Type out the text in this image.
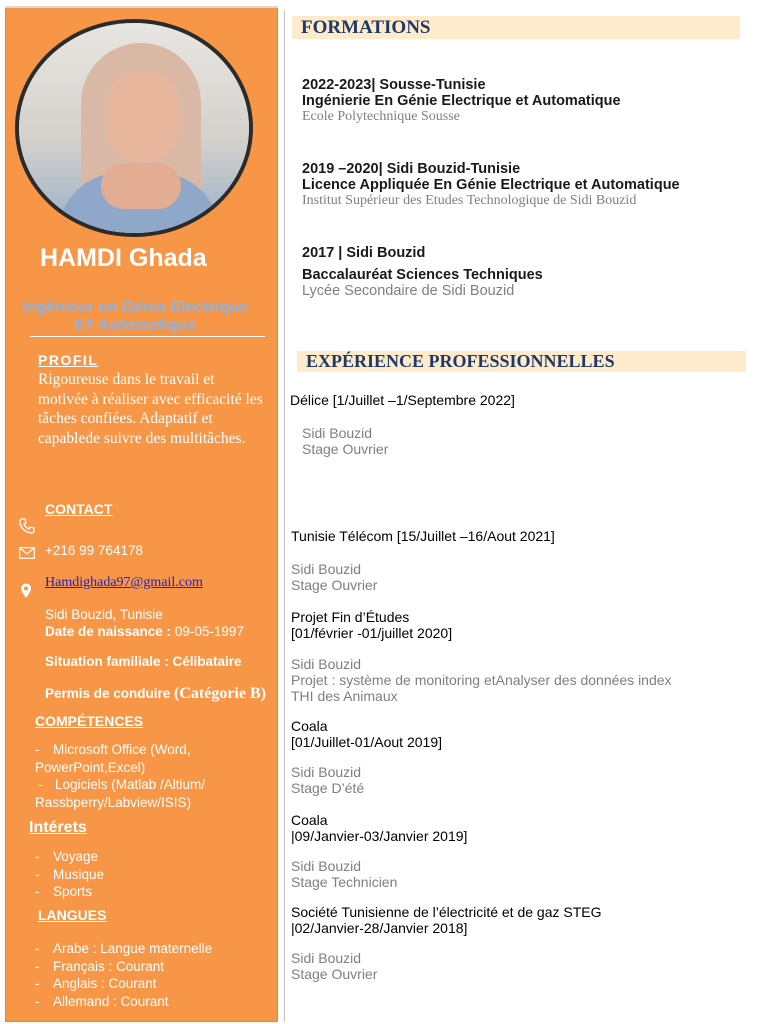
HAMDI Ghada
Ingénieur en Génie Electrique ET Automatique
PROFIL
Rigoureuse dans le travail et motivée à réaliser avec efficacité les tâches confiées. Adaptatif et capablede suivre des multitâches.
CONTACT
+216 99 764178
Hamdighada97@gmail.com
Sidi Bouzid, Tunisie
Date de naissance : 09-05-1997
Situation familiale : Célibataire
Permis de conduire (Catégorie B)
COMPÉTENCES
- Microsoft Office (Word, PowerPoint,Excel)
- Logiciels (Matlab /Altium/ Rassbperry/Labview/ISIS)
Intérets
- Voyage
- Musique
- Sports
LANGUES
- Arabe : Langue maternelle
- Français : Courant
- Anglais : Courant
- Allemand : Courant
FORMATIONS
2022-2023| Sousse-Tunisie
Ingénierie En Génie Electrique et Automatique
Ecole Polytechnique Sousse
2019 –2020| Sidi Bouzid-Tunisie
Licence Appliquée En Génie Electrique et Automatique
Institut Supérieur des Etudes Technologique de Sidi Bouzid
2017 | Sidi Bouzid
Baccalauréat Sciences Techniques
Lycée Secondaire de Sidi Bouzid
EXPÉRIENCE PROFESSIONNELLES
Délice [1/Juillet –1/Septembre 2022]
Sidi Bouzid
Stage Ouvrier
Tunisie Télécom [15/Juillet –16/Aout 2021]
Sidi Bouzid
Stage Ouvrier
Projet Fin d’Études
[01/février -01/juillet 2020]
Sidi Bouzid
Projet : système de monitoring etAnalyser des données index THI des Animaux
Coala
[01/Juillet-01/Aout 2019]
Sidi Bouzid
Stage D’été
Coala
|09/Janvier-03/Janvier 2019]
Sidi Bouzid
Stage Technicien
Société Tunisienne de l’électricité et de gaz STEG
|02/Janvier-28/Janvier 2018]
Sidi Bouzid
Stage Ouvrier
